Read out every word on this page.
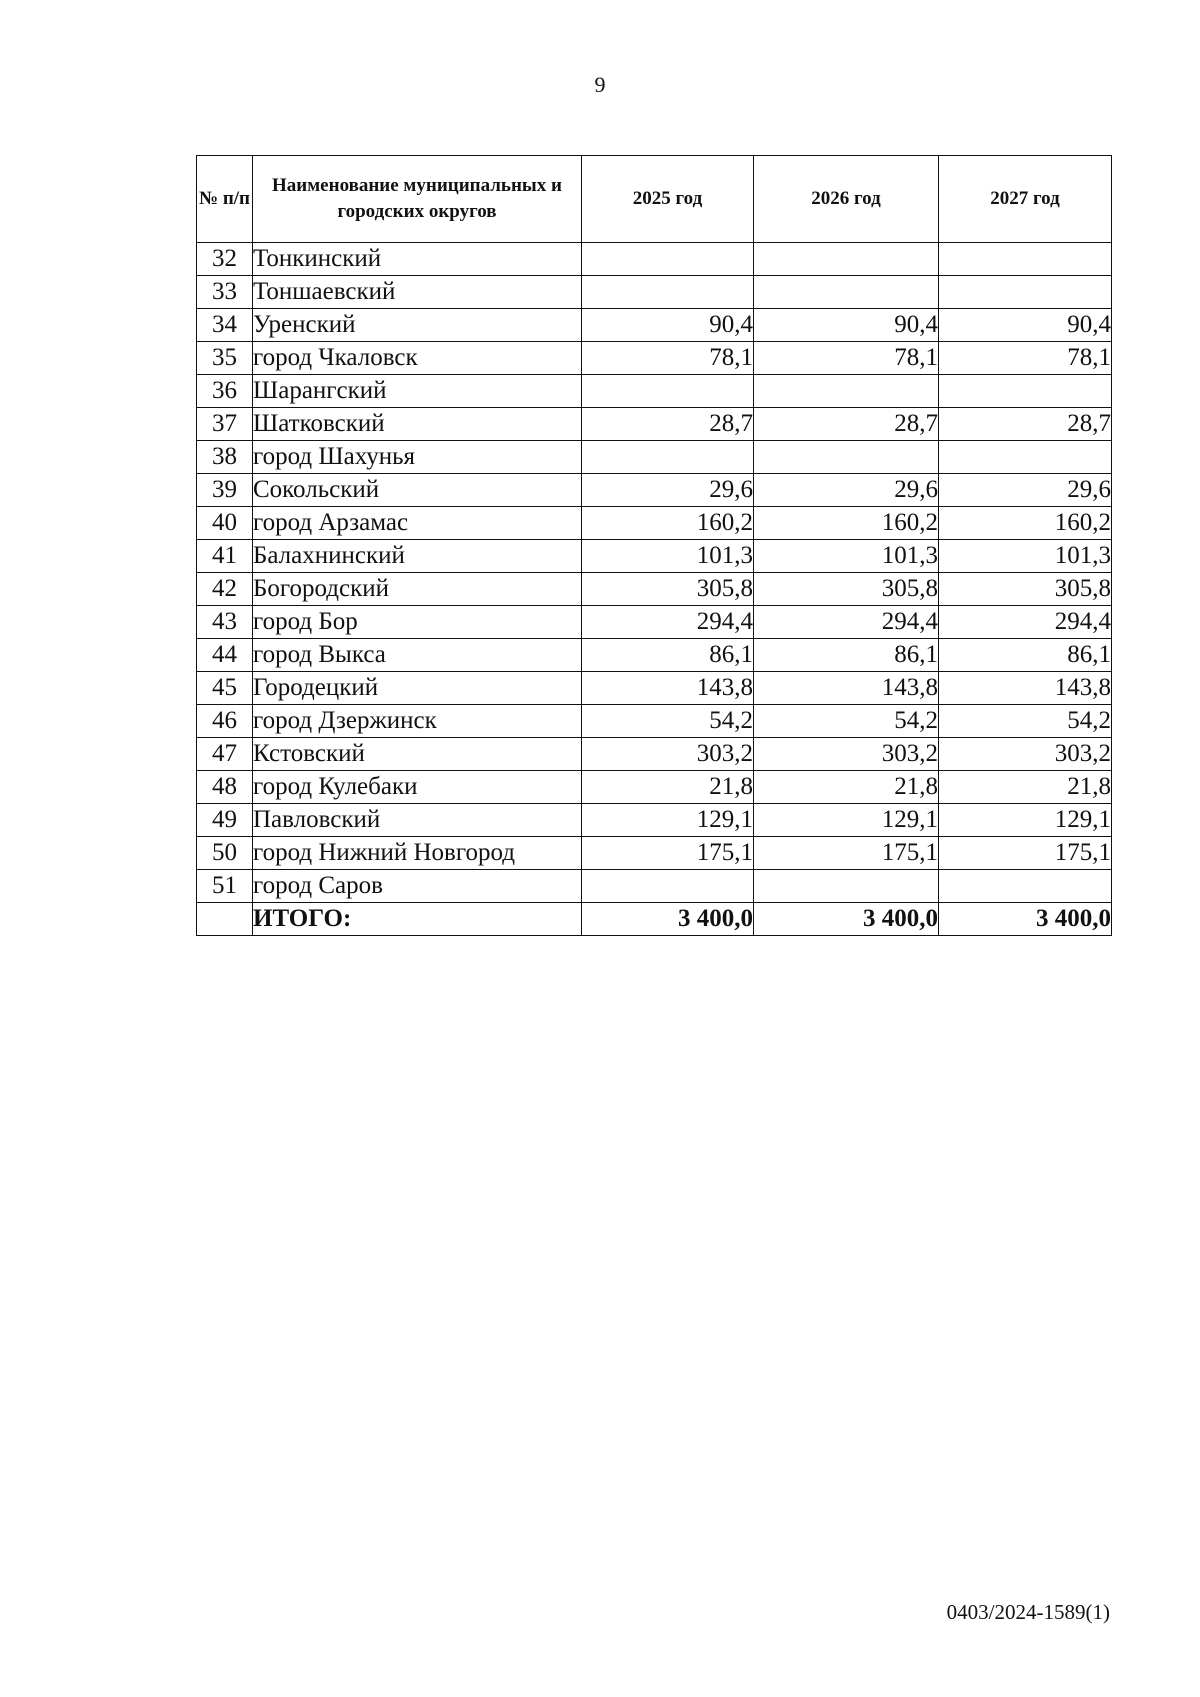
9
№ п/п	Наименование муниципальных и городских округов	2025 год	2026 год	2027 год
32	Тонкинский			
33	Тоншаевский			
34	Уренский	90,4	90,4	90,4
35	город Чкаловск	78,1	78,1	78,1
36	Шарангский			
37	Шатковский	28,7	28,7	28,7
38	город Шахунья			
39	Сокольский	29,6	29,6	29,6
40	город Арзамас	160,2	160,2	160,2
41	Балахнинский	101,3	101,3	101,3
42	Богородский	305,8	305,8	305,8
43	город Бор	294,4	294,4	294,4
44	город Выкса	86,1	86,1	86,1
45	Городецкий	143,8	143,8	143,8
46	город Дзержинск	54,2	54,2	54,2
47	Кстовский	303,2	303,2	303,2
48	город Кулебаки	21,8	21,8	21,8
49	Павловский	129,1	129,1	129,1
50	город Нижний Новгород	175,1	175,1	175,1
51	город Саров			
	ИТОГО:	3 400,0	3 400,0	3 400,0
0403/2024-1589(1)
